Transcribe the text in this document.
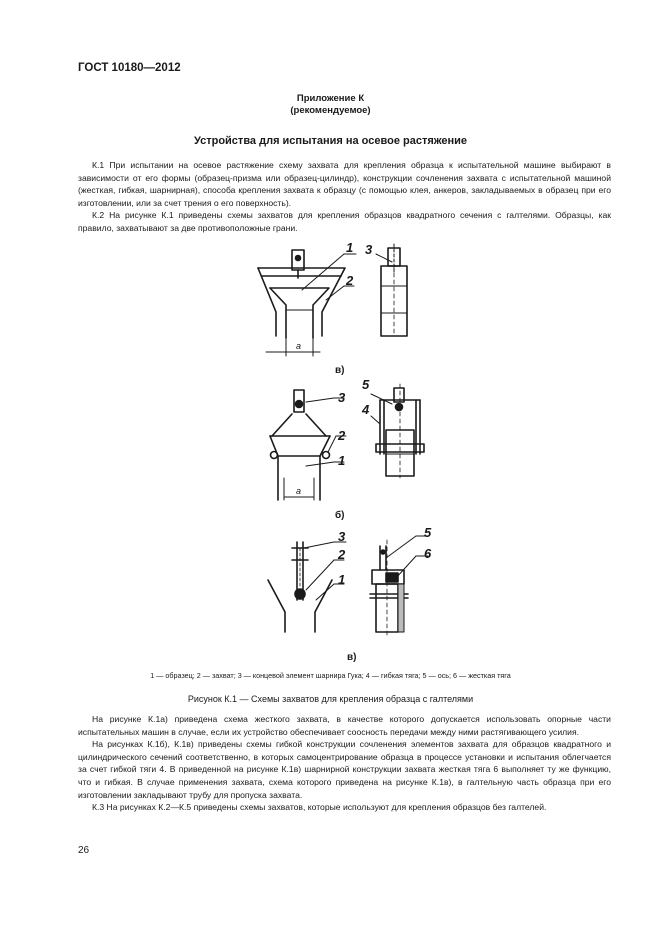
ГОСТ 10180—2012
Приложение К
(рекомендуемое)
Устройства для испытания на осевое растяжение

К.1 При испытании на осевое растяжение схему захвата для крепления образца к испытательной машине выбирают в зависимости от его формы (образец-призма или образец-цилиндр), конструкции сочленения захвата с испытательной машиной (жесткая, гибкая, шарнирная), способа крепления захвата к образцу (с помощью клея, анкеров, закладываемых в образец при его изготовлении, или за счет трения о его поверхность).

К.2 На рисунке К.1 приведены схемы захватов для крепления образцов квадратного сечения с галтелями. Образцы, как правило, захватывают за две противоположные грани.

1
2
3
3
2
1
5
4
3
2
1
5
6
a
a
в)
б)
в)
1 — образец; 2 — захват; 3 — концевой элемент шарнира Гука; 4 — гибкая тяга; 5 — ось; 6 — жесткая тяга
Рисунок К.1 — Схемы захватов для крепления образца с галтелями

На рисунке К.1а) приведена схема жесткого захвата, в качестве которого допускается использовать опорные части испытательных машин в случае, если их устройство обеспечивает соосность передачи между ними растягивающего усилия.

На рисунках К.1б), К.1в) приведены схемы гибкой конструкции сочленения элементов захвата для образцов квадратного и цилиндрического сечений соответственно, в которых самоцентрирование образца в процессе установки и испытания облегчается за счет гибкой тяги 4. В приведенной на рисунке К.1в) шарнирной конструкции захвата жесткая тяга 6 выполняет ту же функцию, что и гибкая. В случае применения захвата, схема которого приведена на рисунке К.1в), в галтельную часть образца при его изготовлении закладывают трубу для пропуска захвата.

К.3 На рисунках К.2—К.5 приведены схемы захватов, которые используют для крепления образцов без галтелей.

26
